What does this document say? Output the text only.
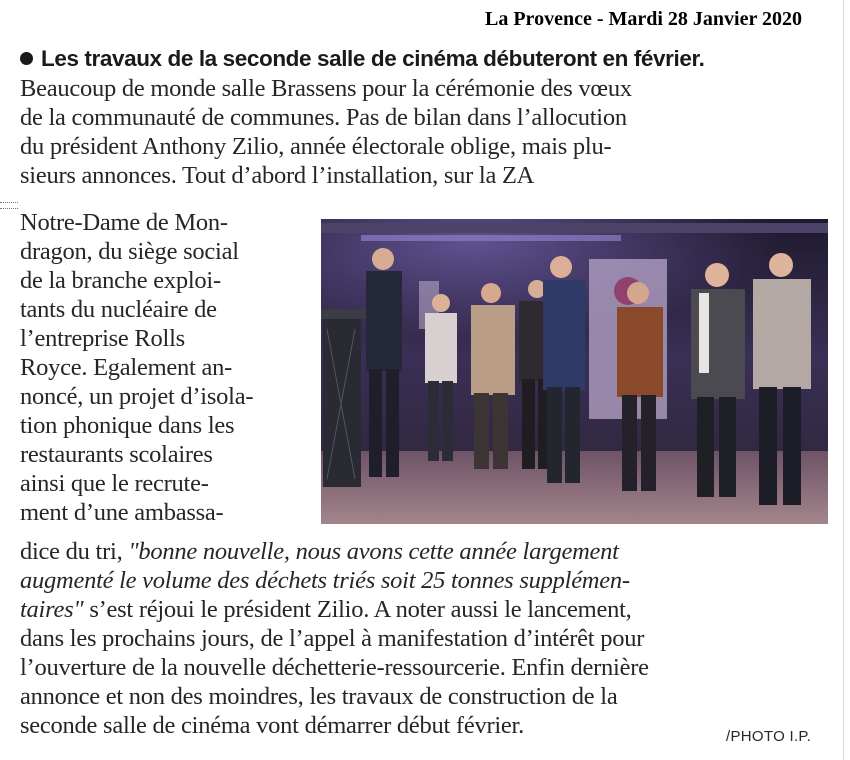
La Provence - Mardi 28 Janvier 2020
Les travaux de la seconde salle de cinéma débuteront en février.
Beaucoup de monde salle Brassens pour la cérémonie des vœux
de la communauté de communes. Pas de bilan dans l’allocution
du président Anthony Zilio, année électorale oblige, mais plu-
sieurs annonces. Tout d’abord l’installation, sur la ZA
Notre-Dame de Mon-
dragon, du siège social
de la branche exploi-
tants du nucléaire de
l’entreprise Rolls
Royce. Egalement an-
noncé, un projet d’isola-
tion phonique dans les
restaurants scolaires
ainsi que le recrute-
ment d’une ambassa-
dice du tri, "bonne nouvelle, nous avons cette année largement
augmenté le volume des déchets triés soit 25 tonnes supplémen-
taires" s’est réjoui le président Zilio. A noter aussi le lancement,
dans les prochains jours, de l’appel à manifestation d’intérêt pour
l’ouverture de la nouvelle déchetterie-ressourcerie. Enfin dernière
annonce et non des moindres, les travaux de construction de la
seconde salle de cinéma vont démarrer début février.	/PHOTO I.P.
